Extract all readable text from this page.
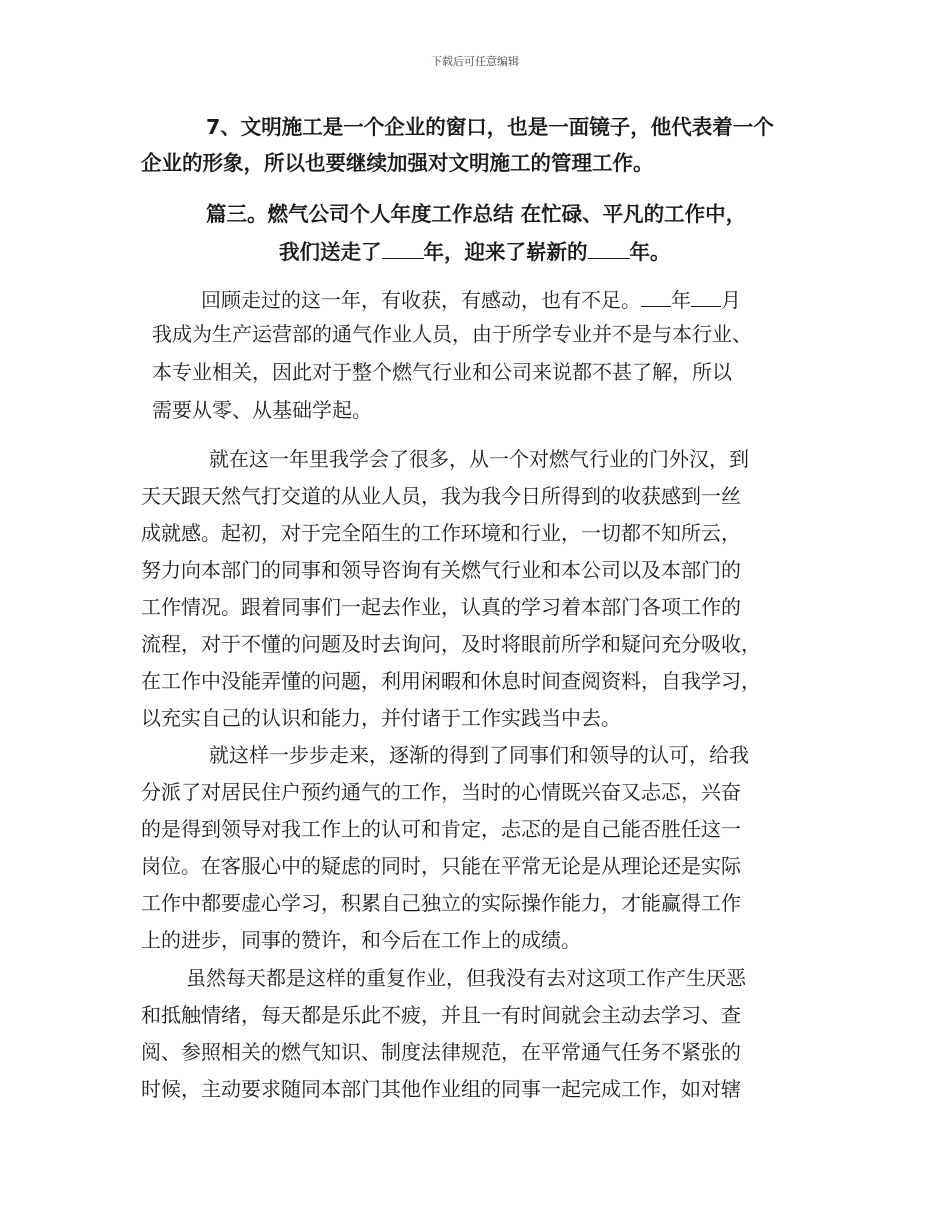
下载后可任意编辑
7、文明施工是一个企业的窗口，也是一面镜子，他代表着一个
企业的形象，所以也要继续加强对文明施工的管理工作。
篇三。燃气公司个人年度工作总结 在忙碌、平凡的工作中，
我们送走了 年，迎来了崭新的 年。
回顾走过的这一年，有收获，有感动，也有不足。 年 月
我成为生产运营部的通气作业人员，由于所学专业并不是与本行业、
本专业相关，因此对于整个燃气行业和公司来说都不甚了解，所以
需要从零、从基础学起。
就在这一年里我学会了很多，从一个对燃气行业的门外汉，到
天天跟天然气打交道的从业人员，我为我今日所得到的收获感到一丝
成就感。起初，对于完全陌生的工作环境和行业，一切都不知所云，
努力向本部门的同事和领导咨询有关燃气行业和本公司以及本部门的
工作情况。跟着同事们一起去作业，认真的学习着本部门各项工作的
流程，对于不懂的问题及时去询问，及时将眼前所学和疑问充分吸收，
在工作中没能弄懂的问题，利用闲暇和休息时间查阅资料，自我学习，
以充实自己的认识和能力，并付诸于工作实践当中去。
就这样一步步走来，逐渐的得到了同事们和领导的认可，给我
分派了对居民住户预约通气的工作，当时的心情既兴奋又忐忑，兴奋
的是得到领导对我工作上的认可和肯定，忐忑的是自己能否胜任这一
岗位。在客服心中的疑虑的同时，只能在平常无论是从理论还是实际
工作中都要虚心学习，积累自己独立的实际操作能力，才能赢得工作
上的进步，同事的赞许，和今后在工作上的成绩。
虽然每天都是这样的重复作业，但我没有去对这项工作产生厌恶
和抵触情绪，每天都是乐此不疲，并且一有时间就会主动去学习、查
阅、参照相关的燃气知识、制度法律规范，在平常通气任务不紧张的
时候，主动要求随同本部门其他作业组的同事一起完成工作，如对辖
